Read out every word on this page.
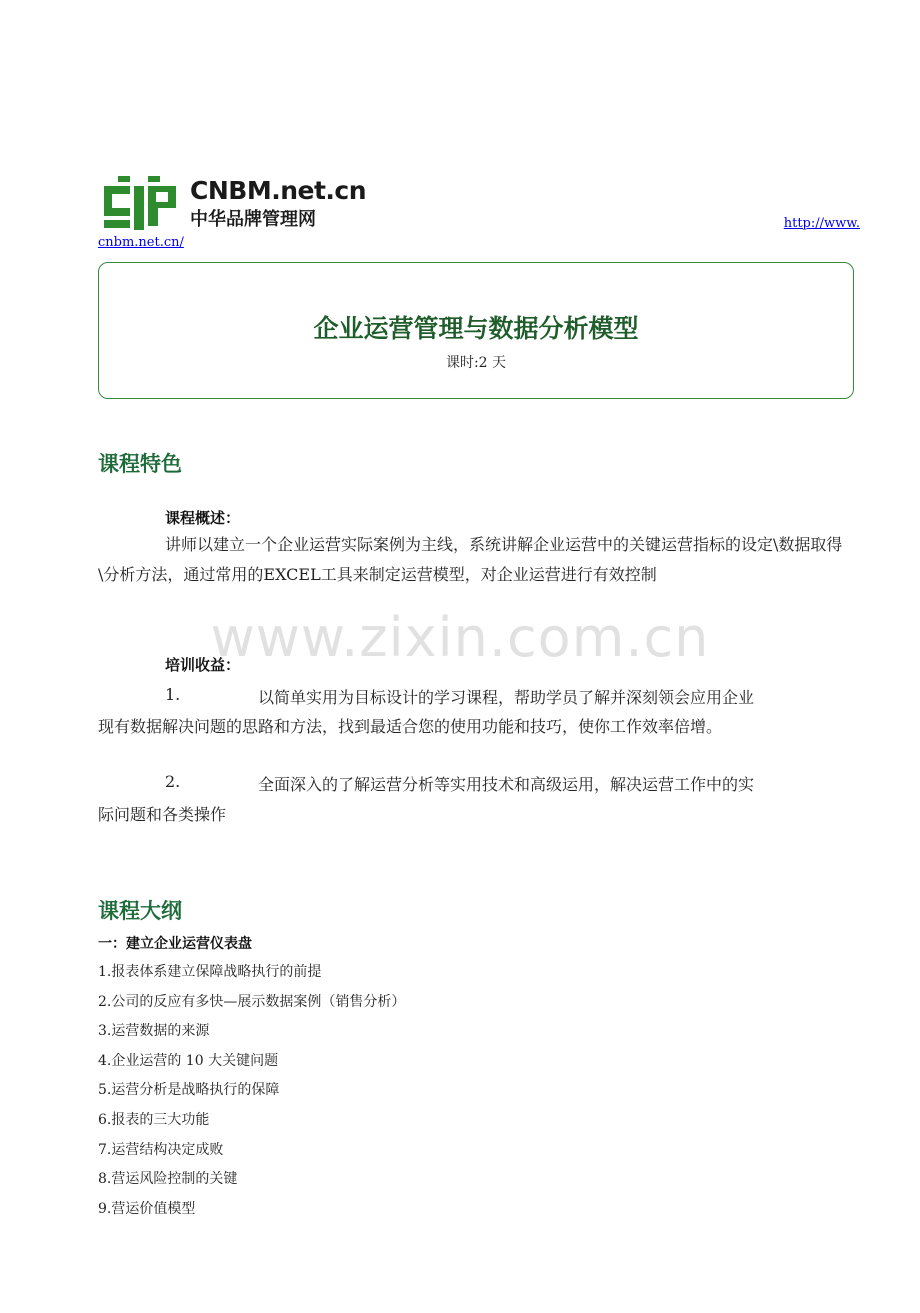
CNBM.net.cn
中华品牌管理网	http://www.
cnbm.net.cn/
企业运营管理与数据分析模型
课时:2 天
课程特色
课程概述：
讲师以建立一个企业运营实际案例为主线，系统讲解企业运营中的关键运营指标的设定\数据取得\分析方法，通过常用的EXCEL工具来制定运营模型，对企业运营进行有效控制
www.zixin.com.cn
培训收益：
1.	以简单实用为目标设计的学习课程，帮助学员了解并深刻领会应用企业
现有数据解决问题的思路和方法，找到最适合您的使用功能和技巧，使你工作效率倍增。
2.	全面深入的了解运营分析等实用技术和高级运用，解决运营工作中的实
际问题和各类操作
课程大纲
一：建立企业运营仪表盘
1.报表体系建立保障战略执行的前提
2.公司的反应有多快—展示数据案例（销售分析）
3.运营数据的来源
4.企业运营的 10 大关键问题
5.运营分析是战略执行的保障
6.报表的三大功能
7.运营结构决定成败
8.营运风险控制的关键
9.营运价值模型
